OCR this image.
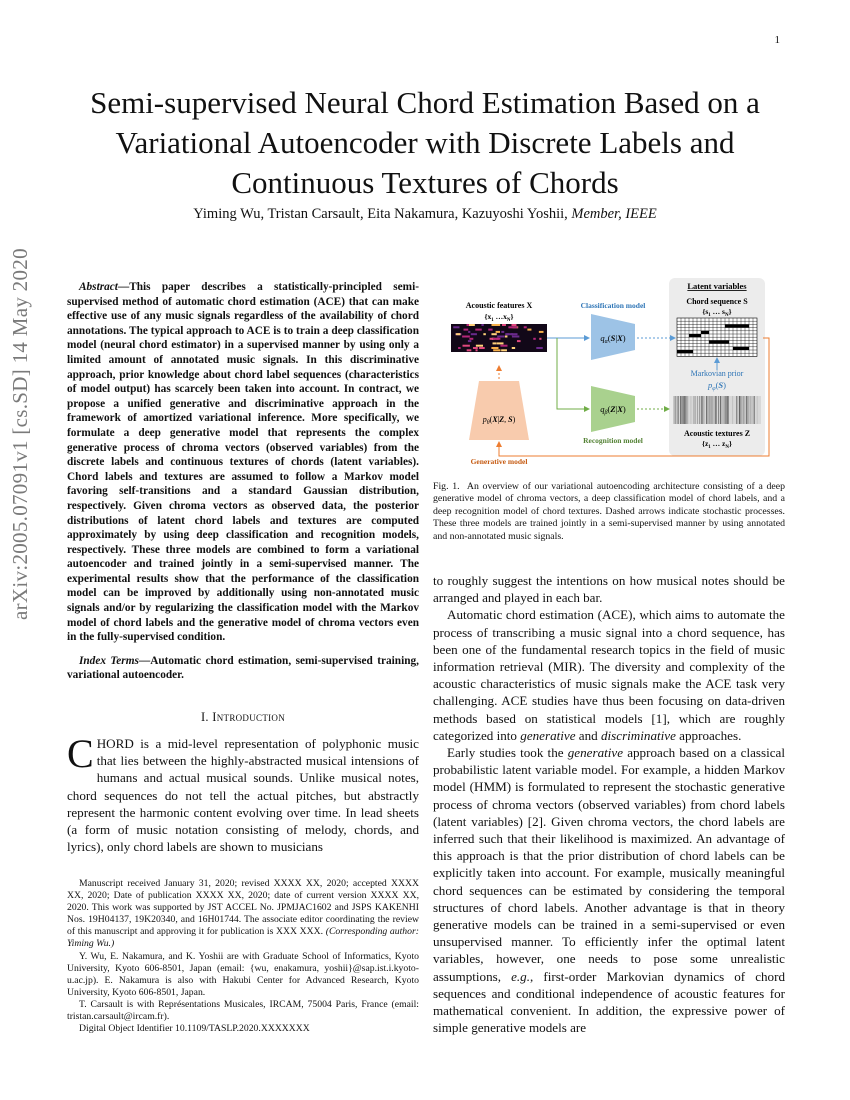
1
arXiv:2005.07091v1 [cs.SD] 14 May 2020
Semi-supervised Neural Chord Estimation Based on a Variational Autoencoder with Discrete Labels and Continuous Textures of Chords
Yiming Wu, Tristan Carsault, Eita Nakamura, Kazuyoshi Yoshii, Member, IEEE

Abstract—This paper describes a statistically-principled semi-supervised method of automatic chord estimation (ACE) that can make effective use of any music signals regardless of the availability of chord annotations. The typical approach to ACE is to train a deep classification model (neural chord estimator) in a supervised manner by using only a limited amount of annotated music signals. In this discriminative approach, prior knowledge about chord label sequences (characteristics of model output) has scarcely been taken into account. In contract, we propose a unified generative and discriminative approach in the framework of amortized variational inference. More specifically, we formulate a deep generative model that represents the complex generative process of chroma vectors (observed variables) from the discrete labels and continuous textures of chords (latent variables). Chord labels and textures are assumed to follow a Markov model favoring self-transitions and a standard Gaussian distribution, respectively. Given chroma vectors as observed data, the posterior distributions of latent chord labels and textures are computed approximately by using deep classification and recognition models, respectively. These three models are combined to form a variational autoencoder and trained jointly in a semi-supervised manner. The experimental results show that the performance of the classification model can be improved by additionally using non-annotated music signals and/or by regularizing the classification model with the Markov model of chord labels and the generative model of chroma vectors even in the fully-supervised condition.

Index Terms—Automatic chord estimation, semi-supervised training, variational autoencoder.

I. Introduction

CHORD is a mid-level representation of polyphonic music that lies between the highly-abstracted musical intensions of humans and actual musical sounds. Unlike musical notes, chord sequences do not tell the actual pitches, but abstractly represent the harmonic content evolving over time. In lead sheets (a form of music notation consisting of melody, chords, and lyrics), only chord labels are shown to musicians

Manuscript received January 31, 2020; revised XXXX XX, 2020; accepted XXXX XX, 2020; Date of publication XXXX XX, 2020; date of current version XXXX XX, 2020. This work was supported by JST ACCEL No. JPMJAC1602 and JSPS KAKENHI Nos. 19H04137, 19K20340, and 16H01744. The associate editor coordinating the review of this manuscript and approving it for publication is XXX XXX. (Corresponding author: Yiming Wu.)

Y. Wu, E. Nakamura, and K. Yoshii are with Graduate School of Informatics, Kyoto University, Kyoto 606-8501, Japan (email: {wu, enakamura, yoshii}@sap.ist.i.kyoto-u.ac.jp). E. Nakamura is also with Hakubi Center for Advanced Research, Kyoto University, Kyoto 606-8501, Japan.

T. Carsault is with Représentations Musicales, IRCAM, 75004 Paris, France (email: tristan.carsault@ircam.fr).

Digital Object Identifier 10.1109/TASLP.2020.XXXXXXX

Latent variables
Acoustic features X
{$x_1$ $\dots x_N$}
Classification model
$q_\alpha(S|X)$
Chord sequence S
{$s_1$ … $s_N$}
Markovian prior
$p_\varphi(S)$
$p_\theta(X|Z$, S)
Generative model
$q_\beta(Z|X)$
Recognition model
Acoustic textures Z
{$z_1$ … $z_N$}
Fig. 1. An overview of our variational autoencoding architecture consisting of a deep generative model of chroma vectors, a deep classification model of chord labels, and a deep recognition model of chord textures. Dashed arrows indicate stochastic processes. These three models are trained jointly in a semi-supervised manner by using annotated and non-annotated music signals.

to roughly suggest the intentions on how musical notes should be arranged and played in each bar.

Automatic chord estimation (ACE), which aims to automate the process of transcribing a music signal into a chord sequence, has been one of the fundamental research topics in the field of music information retrieval (MIR). The diversity and complexity of the acoustic characteristics of music signals make the ACE task very challenging. ACE studies have thus been focusing on data-driven methods based on statistical models [1], which are roughly categorized into generative and discriminative approaches.

Early studies took the generative approach based on a classical probabilistic latent variable model. For example, a hidden Markov model (HMM) is formulated to represent the stochastic generative process of chroma vectors (observed variables) from chord labels (latent variables) [2]. Given chroma vectors, the chord labels are inferred such that their likelihood is maximized. An advantage of this approach is that the prior distribution of chord labels can be explicitly taken into account. For example, musically meaningful chord sequences can be estimated by considering the temporal structures of chord labels. Another advantage is that in theory generative models can be trained in a semi-supervised or even unsupervised manner. To efficiently infer the optimal latent variables, however, one needs to pose some unrealistic assumptions, e.g., first-order Markovian dynamics of chord sequences and conditional independence of acoustic features for mathematical convenient. In addition, the expressive power of simple generative models are
